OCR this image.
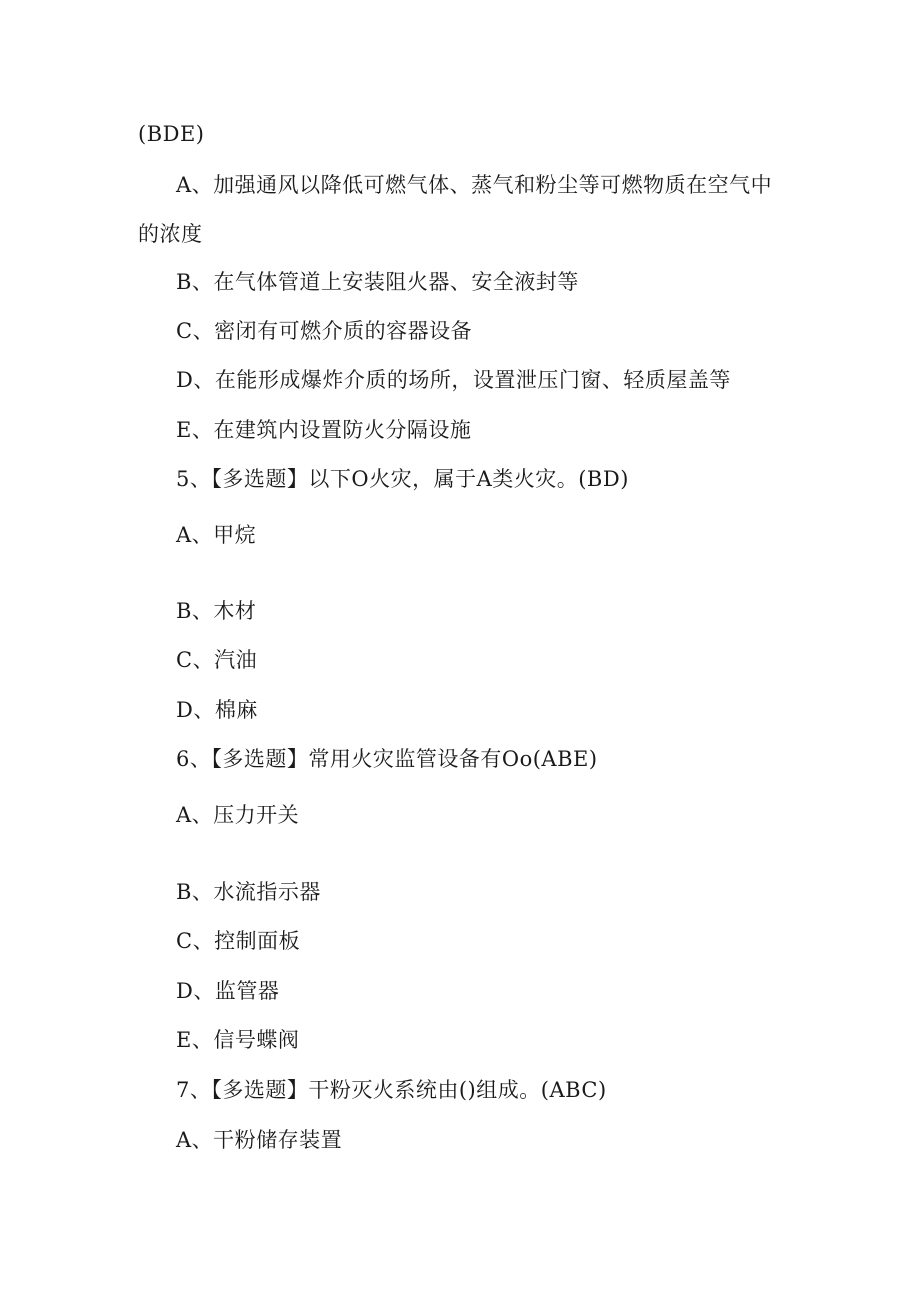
(BDE)
A、加强通风以降低可燃气体、蒸气和粉尘等可燃物质在空气中
的浓度
B、在气体管道上安装阻火器、安全液封等
C、密闭有可燃介质的容器设备
D、在能形成爆炸介质的场所，设置泄压门窗、轻质屋盖等
E、在建筑内设置防火分隔设施
5、【多选题】以下O火灾，属于A类火灾。(BD)
A、甲烷
B、木材
C、汽油
D、棉麻
6、【多选题】常用火灾监管设备有Oo(ABE)
A、压力开关
B、水流指示器
C、控制面板
D、监管器
E、信号蝶阀
7、【多选题】干粉灭火系统由()组成。(ABC)
A、干粉储存装置
